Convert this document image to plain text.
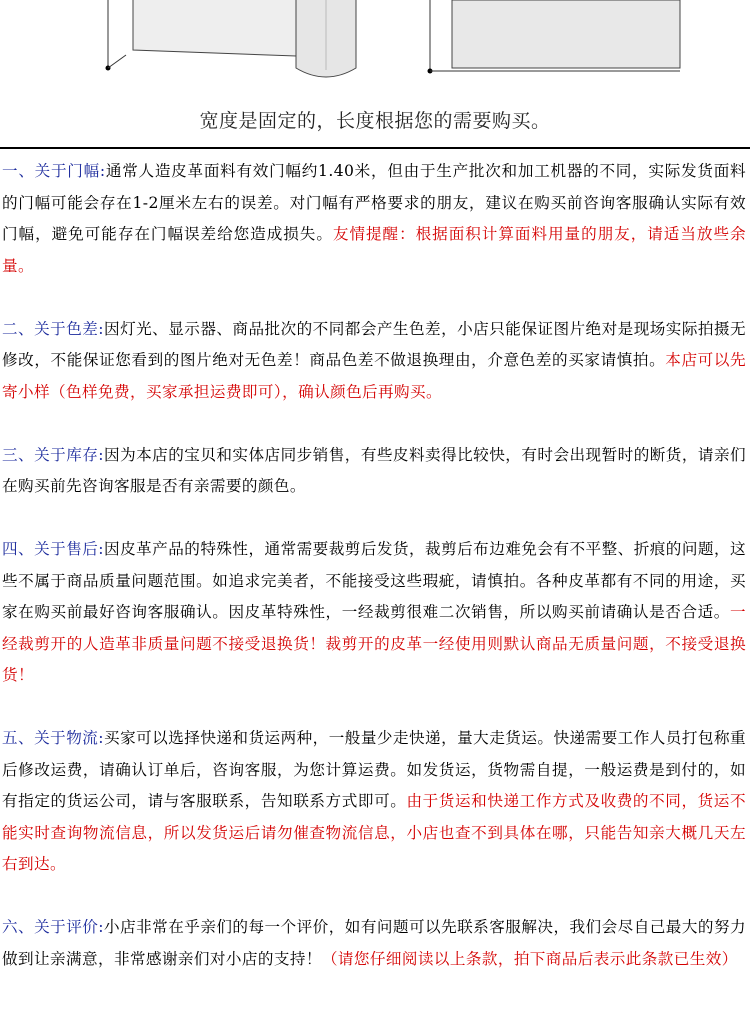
宽度是固定的，长度根据您的需要购买。

一、关于门幅:通常人造皮革面料有效门幅约1.40米，但由于生产批次和加工机器的不同，实际发货面料的门幅可能会存在1-2厘米左右的误差。对门幅有严格要求的朋友，建议在购买前咨询客服确认实际有效门幅，避免可能存在门幅误差给您造成损失。友情提醒：根据面积计算面料用量的朋友，请适当放些余量。

二、关于色差:因灯光、显示器、商品批次的不同都会产生色差，小店只能保证图片绝对是现场实际拍摄无修改，不能保证您看到的图片绝对无色差！商品色差不做退换理由，介意色差的买家请慎拍。本店可以先寄小样（色样免费，买家承担运费即可），确认颜色后再购买。

三、关于库存:因为本店的宝贝和实体店同步销售，有些皮料卖得比较快，有时会出现暂时的断货，请亲们在购买前先咨询客服是否有亲需要的颜色。

四、关于售后:因皮革产品的特殊性，通常需要裁剪后发货，裁剪后布边难免会有不平整、折痕的问题，这些不属于商品质量问题范围。如追求完美者，不能接受这些瑕疵，请慎拍。各种皮革都有不同的用途，买家在购买前最好咨询客服确认。因皮革特殊性，一经裁剪很难二次销售，所以购买前请确认是否合适。一经裁剪开的人造革非质量问题不接受退换货！裁剪开的皮革一经使用则默认商品无质量问题，不接受退换货！

五、关于物流:买家可以选择快递和货运两种，一般量少走快递，量大走货运。快递需要工作人员打包称重后修改运费，请确认订单后，咨询客服，为您计算运费。如发货运，货物需自提，一般运费是到付的，如有指定的货运公司，请与客服联系，告知联系方式即可。由于货运和快递工作方式及收费的不同，货运不能实时查询物流信息，所以发货运后请勿催查物流信息，小店也查不到具体在哪，只能告知亲大概几天左右到达。

六、关于评价:小店非常在乎亲们的每一个评价，如有问题可以先联系客服解决，我们会尽自己最大的努力做到让亲满意，非常感谢亲们对小店的支持！（请您仔细阅读以上条款，拍下商品后表示此条款已生效）
